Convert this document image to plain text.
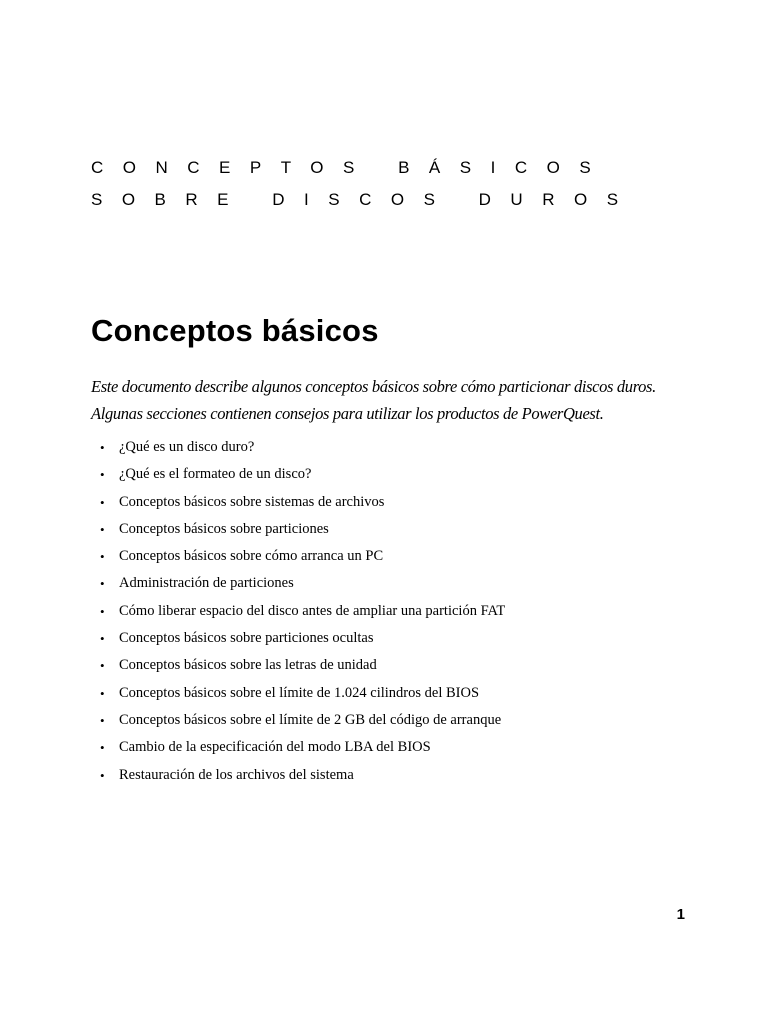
CONCEPTOS BÁSICOS
SOBRE DISCOS DUROS
Conceptos básicos

Este documento describe algunos conceptos básicos sobre cómo particionar discos duros.
Algunas secciones contienen consejos para utilizar los productos de PowerQuest.

• ¿Qué es un disco duro?
• ¿Qué es el formateo de un disco?
• Conceptos básicos sobre sistemas de archivos
• Conceptos básicos sobre particiones
• Conceptos básicos sobre cómo arranca un PC
• Administración de particiones
• Cómo liberar espacio del disco antes de ampliar una partición FAT
• Conceptos básicos sobre particiones ocultas
• Conceptos básicos sobre las letras de unidad
• Conceptos básicos sobre el límite de 1.024 cilindros del BIOS
• Conceptos básicos sobre el límite de 2 GB del código de arranque
• Cambio de la especificación del modo LBA del BIOS
• Restauración de los archivos del sistema
1
